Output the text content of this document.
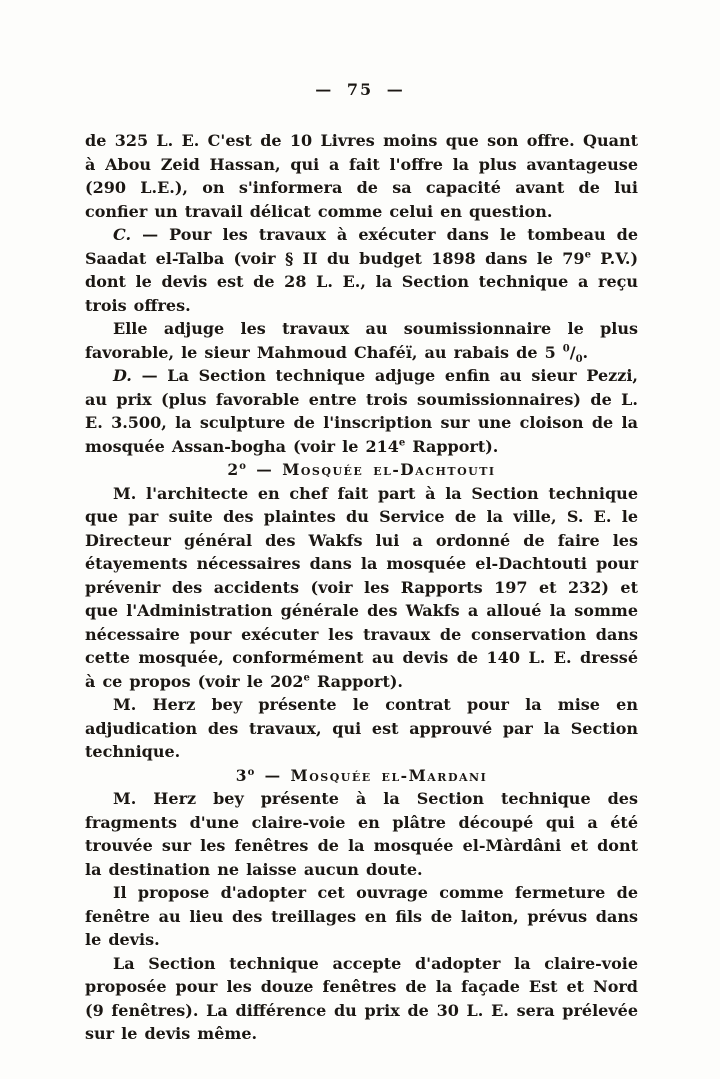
— 75 —

de 325 L. E. C'est de 10 Livres moins que son offre. Quant à Abou Zeid Hassan, qui a fait l'offre la plus avantageuse (290 L.E.), on s'informera de sa capacité avant de lui confier un travail délicat comme celui en question.

C. — Pour les travaux à exécuter dans le tombeau de Saadat el-Talba (voir § II du budget 1898 dans le 79e P.V.) dont le devis est de 28 L. E., la Section technique a reçu trois offres.

Elle adjuge les travaux au soumissionnaire le plus favorable, le sieur Mahmoud Chaféï, au rabais de 5 $^0/_0$.

D. — La Section technique adjuge enfin au sieur Pezzi, au prix (plus favorable entre trois soumissionnaires) de L. E. 3.500, la sculpture de l'inscription sur une cloison de la mosquée Assan-bogha (voir le 214e Rapport).

2$^o$ — Mosquée el-Dachtouti

M. l'architecte en chef fait part à la Section technique que par suite des plaintes du Service de la ville, S. E. le Directeur général des Wakfs lui a ordonné de faire les étayements nécessaires dans la mosquée el-Dachtouti pour prévenir des accidents (voir les Rapports 197 et 232) et que l'Administration générale des Wakfs a alloué la somme nécessaire pour exécuter les travaux de conservation dans cette mosquée, conformément au devis de 140 L. E. dressé à ce propos (voir le 202e Rapport).

M. Herz bey présente le contrat pour la mise en adjudication des travaux, qui est approuvé par la Section technique.

3$^o$ — Mosquée el-Mardani

M. Herz bey présente à la Section technique des fragments d'une claire-voie en plâtre découpé qui a été trouvée sur les fenêtres de la mosquée el-Màrdâni et dont la destination ne laisse aucun doute.

Il propose d'adopter cet ouvrage comme fermeture de fenêtre au lieu des treillages en fils de laiton, prévus dans le devis.

La Section technique accepte d'adopter la claire-voie proposée pour les douze fenêtres de la façade Est et Nord (9 fenêtres). La différence du prix de 30 L. E. sera prélevée sur le devis même.
